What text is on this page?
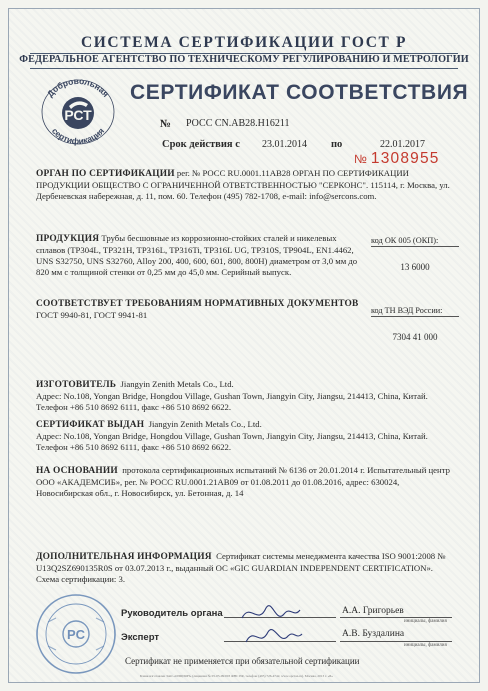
СИСТЕМА СЕРТИФИКАЦИИ ГОСТ Р
ФЕДЕРАЛЬНОЕ АГЕНТСТВО ПО ТЕХНИЧЕСКОМУ РЕГУЛИРОВАНИЮ И МЕТРОЛОГИИ
Добровольная
сертификация
РСТ
СЕРТИФИКАТ СООТВЕТСТВИЯ
№ РОСС CN.AB28.H16211
Срок действия с 23.01.2014 по	22.01.2017
№ 1308955
ОРГАН ПО СЕРТИФИКАЦИИ рег. № РОСС RU.0001.11AB28 ОРГАН ПО СЕРТИФИКАЦИИ ПРОДУКЦИИ ОБЩЕСТВО С ОГРАНИЧЕННОЙ ОТВЕТСТВЕННОСТЬЮ "СЕРКОНС". 115114, г. Москва, ул. Дербеневская набережная, д. 11, пом. 60. Телефон (495) 782-1708, e-mail: info@sercons.com.
ПРОДУКЦИЯ Трубы бесшовные из коррозионно-стойких сталей и никелевых сплавов (TP304L, TP321H, TP316L, TP316Ti, TP316L UG, TP310S, TP904L, EN1.4462, UNS S32750, UNS S32760, Alloy 200, 400, 600, 601, 800, 800H) диаметром от 3,0 мм до 820 мм с толщиной стенки от 0,25 мм до 45,0 мм. Серийный выпуск.
код ОК 005 (ОКП):
13 6000
СООТВЕТСТВУЕТ ТРЕБОВАНИЯМ НОРМАТИВНЫХ ДОКУМЕНТОВ
ГОСТ 9940-81, ГОСТ 9941-81	код ТН ВЭД России:
7304 41 000
ИЗГОТОВИТЕЛЬ Jiangyin Zenith Metals Co., Ltd.
Адрес: No.108, Yongan Bridge, Hongdou Village, Gushan Town, Jiangyin City, Jiangsu, 214413, China, Китай. Телефон +86 510 8692 6111, факс +86 510 8692 6622.
СЕРТИФИКАТ ВЫДАН Jiangyin Zenith Metals Co., Ltd.
Адрес: No.108, Yongan Bridge, Hongdou Village, Gushan Town, Jiangyin City, Jiangsu, 214413, China, Китай. Телефон +86 510 8692 6111, факс +86 510 8692 6622.
НА ОСНОВАНИИ протокола сертификационных испытаний № 6136 от 20.01.2014 г. Испытательный центр ООО «АКАДЕМСИБ», рег. № РОСС RU.0001.21АВ09 от 01.08.2011 до 01.08.2016, адрес: 630024, Новосибирская обл., г. Новосибирск, ул. Бетонная, д. 14
ДОПОЛНИТЕЛЬНАЯ ИНФОРМАЦИЯ Сертификат системы менеджмента качества ISO 9001:2008 № U13Q2SZ690135R0S от 03.07.2013 г., выданный ОС «GIC GUARDIAN INDEPENDENT CERTIFICATION».
Схема сертификации: 3.
PC
Руководитель органа
Эксперт
А.А. Григорьев
инициалы, фамилия
А.В. Буздалина
инициалы, фамилия
Сертификат не применяется при обязательной сертификации
Бланк изготовлен ЗАО «ОПЦИОН» (лицензия № 05-05-09/003 ФНС РФ, телефон (495) 726-4742, www.opcion.ru). Москва, 2013 г. «Б»
